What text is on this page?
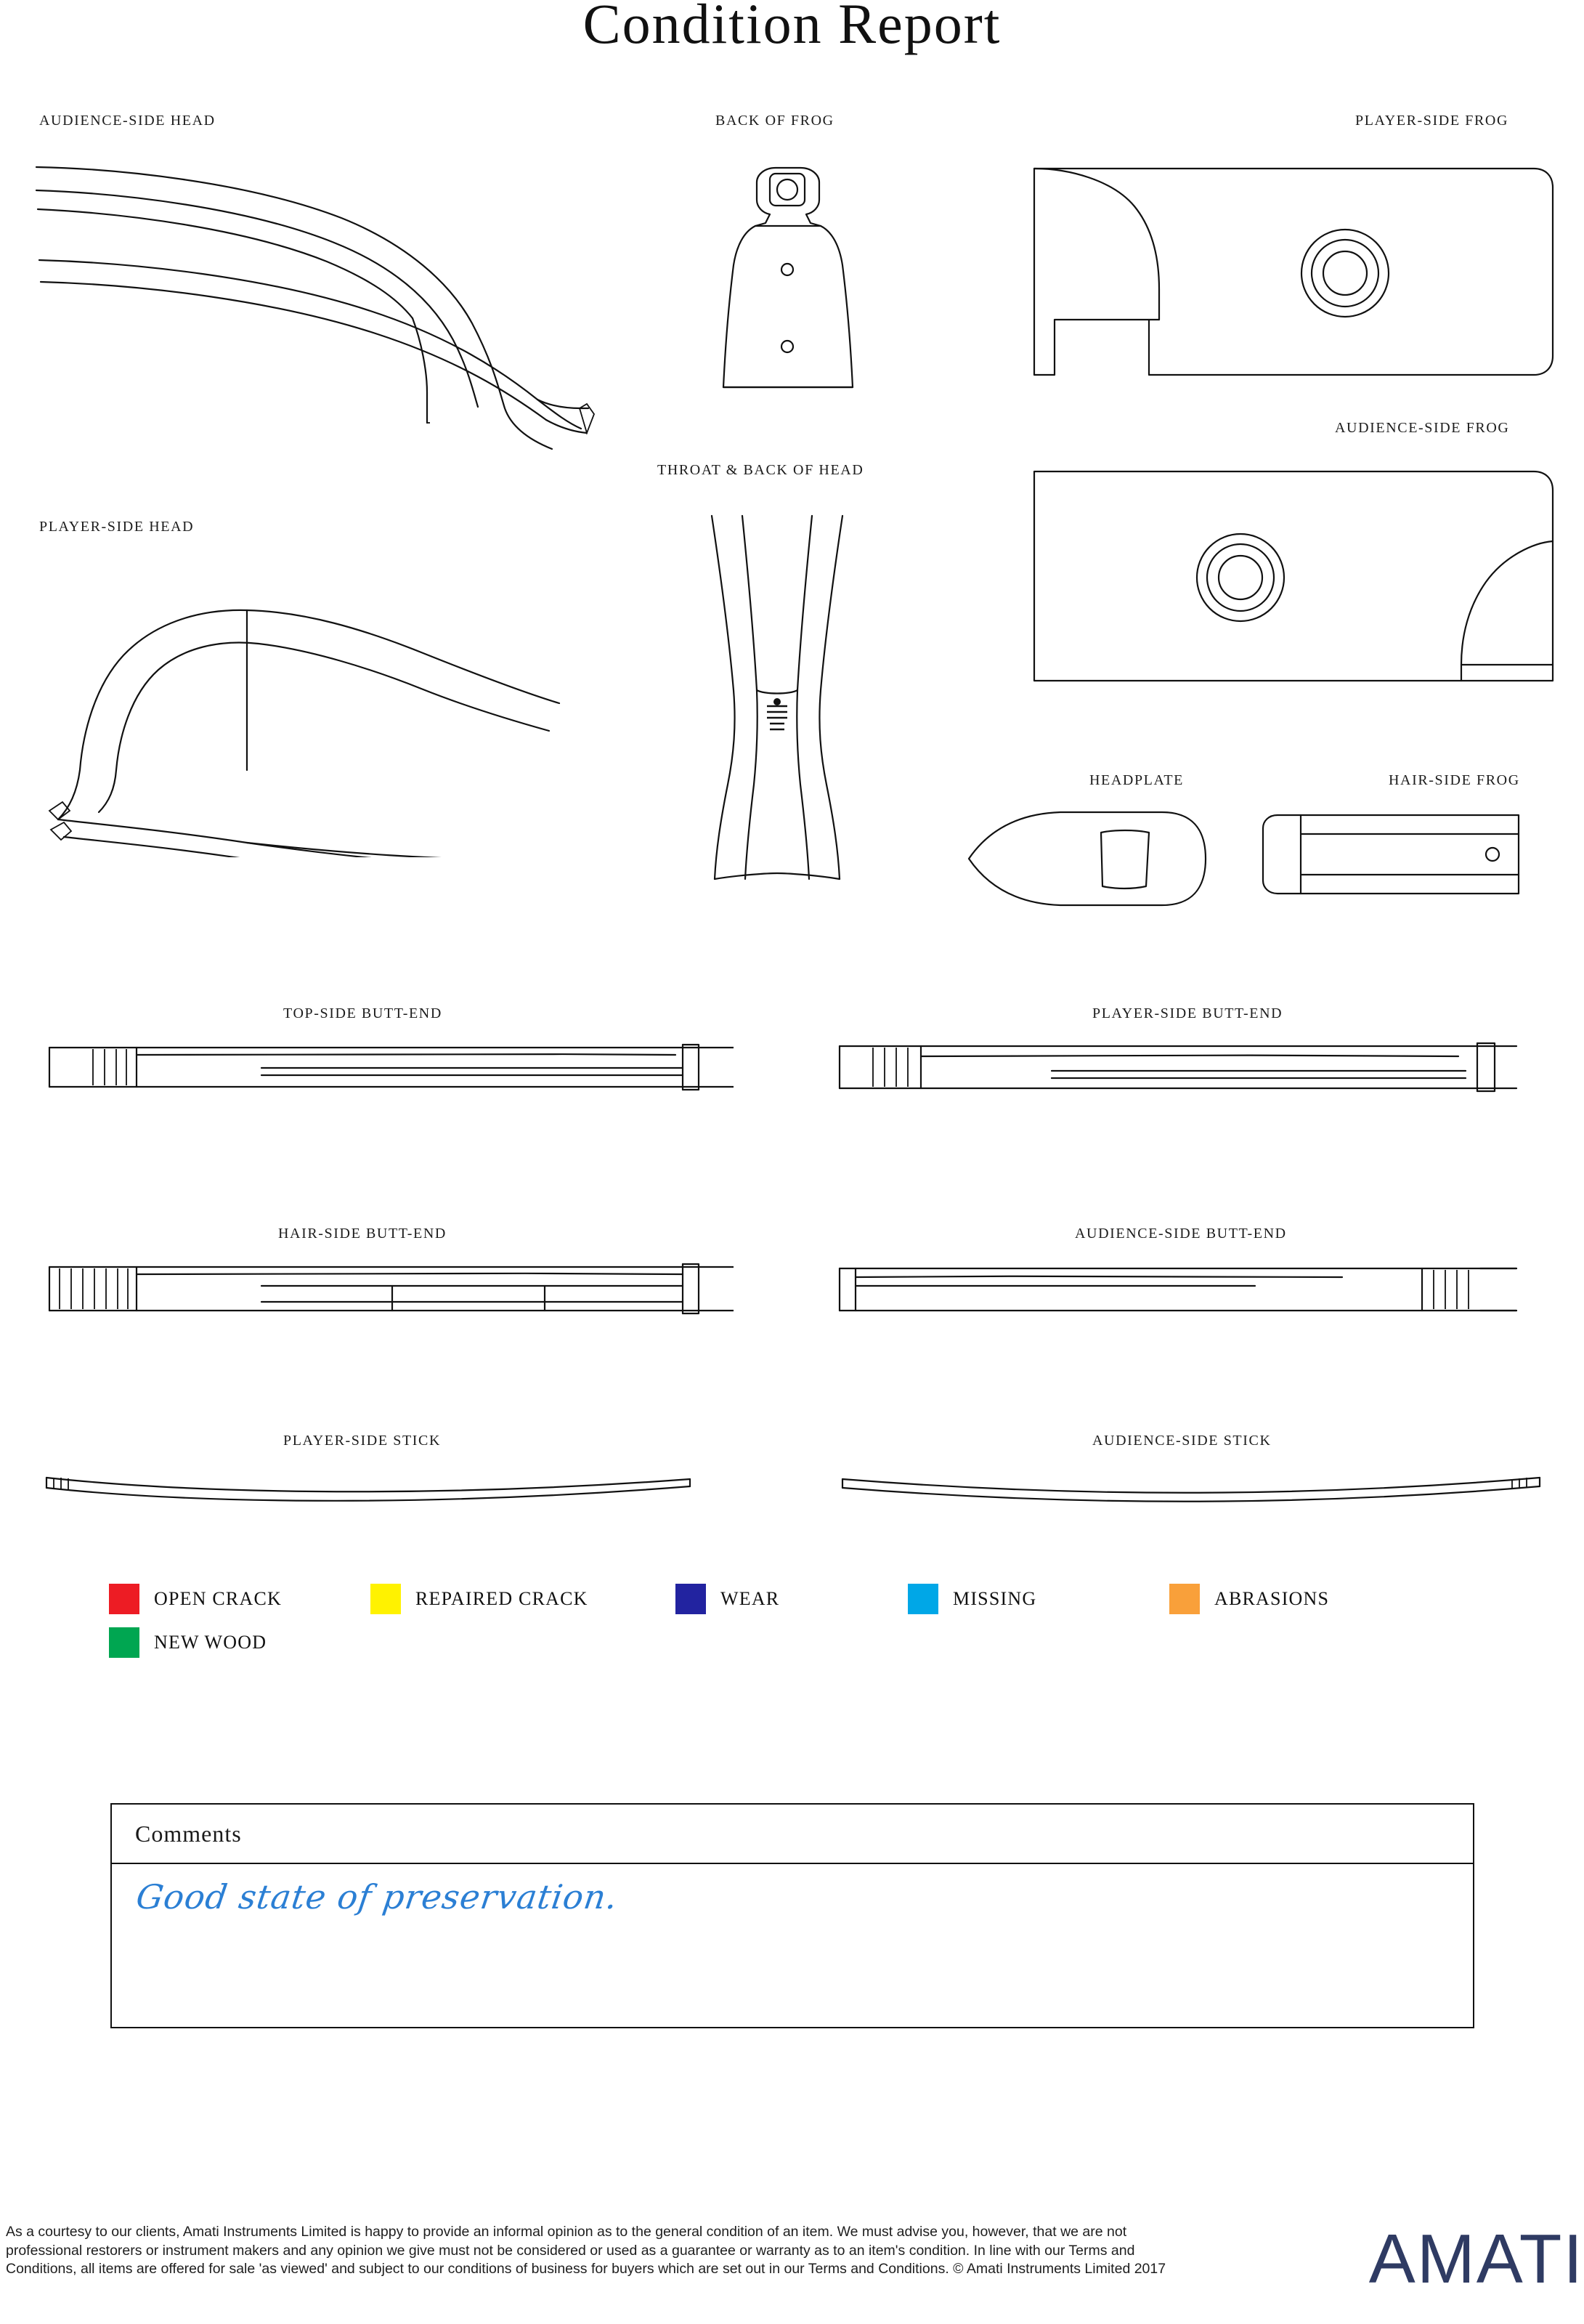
Condition Report
AUDIENCE-SIDE HEAD
PLAYER-SIDE HEAD
BACK OF FROG
THROAT & BACK OF HEAD
PLAYER-SIDE FROG
AUDIENCE-SIDE FROG
HEADPLATE	HAIR-SIDE FROG
TOP-SIDE BUTT-END	PLAYER-SIDE BUTT-END
HAIR-SIDE BUTT-END	AUDIENCE-SIDE BUTT-END
PLAYER-SIDE STICK	AUDIENCE-SIDE STICK
OPEN CRACK	REPAIRED CRACK	WEAR	MISSING	ABRASIONS
NEW WOOD
Comments
Good state of preservation.
As a courtesy to our clients, Amati Instruments Limited is happy to provide an informal opinion as to the general condition of an item. We must advise you, however, that we are not professional restorers or instrument makers and any opinion we give must not be considered or used as a guarantee or warranty as to an item's condition. In line with our Terms and Conditions, all items are offered for sale 'as viewed' and subject to our conditions of business for buyers which are set out in our Terms and Conditions. © Amati Instruments Limited 2017	AMATI
